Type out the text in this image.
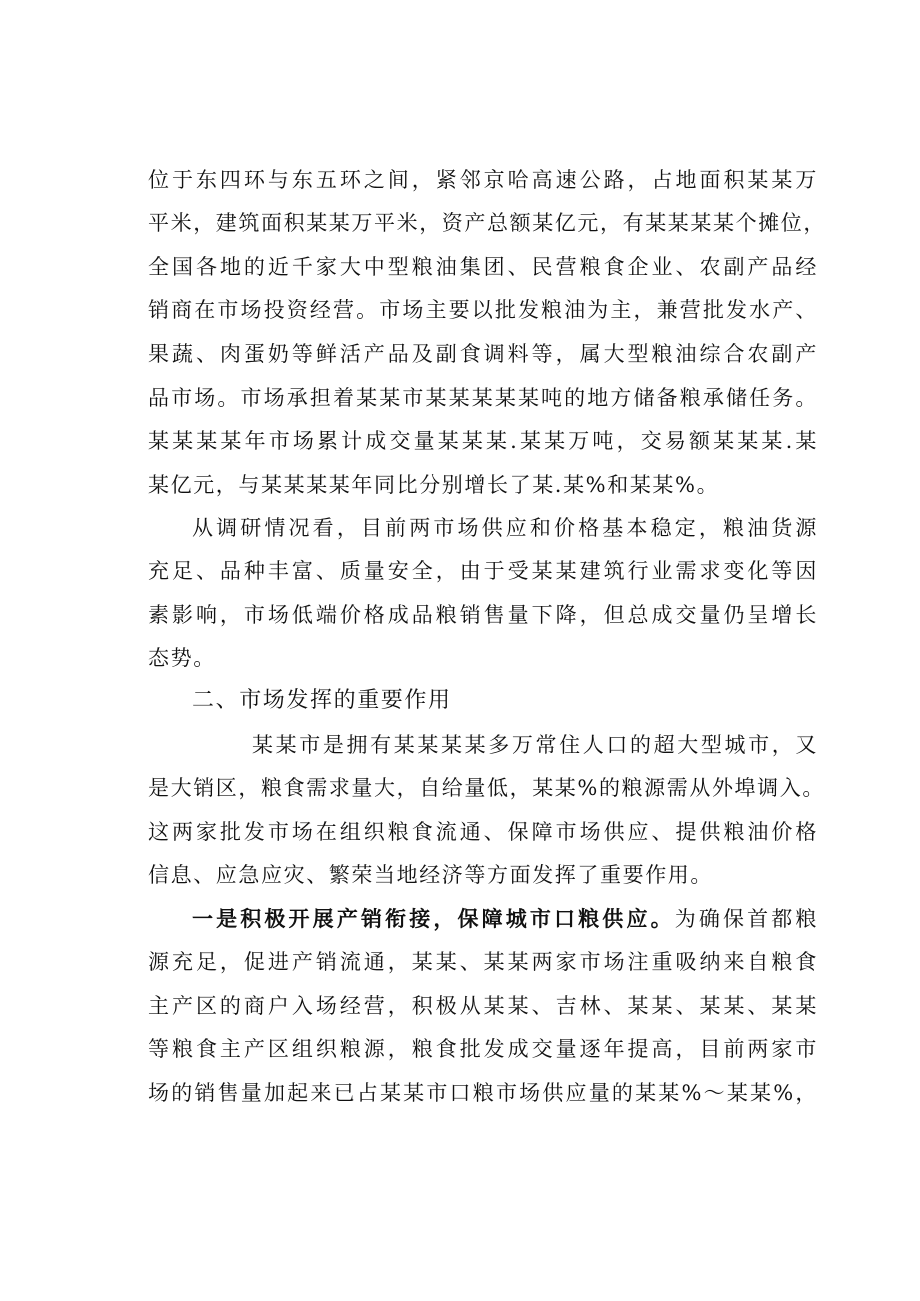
位于东四环与东五环之间，紧邻京哈高速公路，占地面积某某万
平米，建筑面积某某万平米，资产总额某亿元，有某某某某个摊位，
全国各地的近千家大中型粮油集团、民营粮食企业、农副产品经
销商在市场投资经营。市场主要以批发粮油为主，兼营批发水产、
果蔬、肉蛋奶等鲜活产品及副食调料等，属大型粮油综合农副产
品市场。市场承担着某某市某某某某某吨的地方储备粮承储任务。
某某某某年市场累计成交量某某某.某某万吨，交易额某某某.某
某亿元，与某某某某年同比分别增长了某.某%和某某%。
从调研情况看，目前两市场供应和价格基本稳定，粮油货源
充足、品种丰富、质量安全，由于受某某建筑行业需求变化等因
素影响，市场低端价格成品粮销售量下降，但总成交量仍呈增长
态势。
二、市场发挥的重要作用
某某市是拥有某某某某多万常住人口的超大型城市，又
是大销区，粮食需求量大，自给量低，某某%的粮源需从外埠调入。
这两家批发市场在组织粮食流通、保障市场供应、提供粮油价格
信息、应急应灾、繁荣当地经济等方面发挥了重要作用。
一是积极开展产销衔接，保障城市口粮供应。为确保首都粮
源充足，促进产销流通，某某、某某两家市场注重吸纳来自粮食
主产区的商户入场经营，积极从某某、吉林、某某、某某、某某
等粮食主产区组织粮源，粮食批发成交量逐年提高，目前两家市
场的销售量加起来已占某某市口粮市场供应量的某某%～某某%，
